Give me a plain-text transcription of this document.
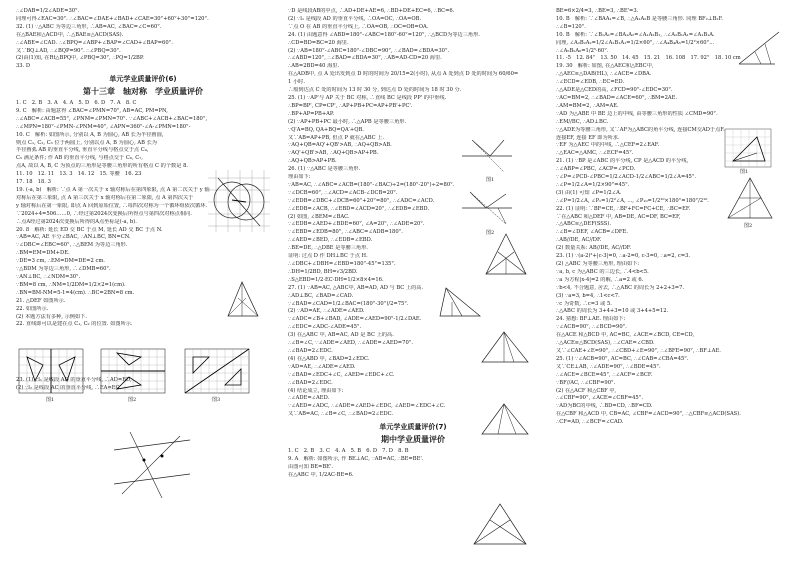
∴∠DAB=1/2∠ADE=30°.

同理可得∠EAC=30°. ∴∠BAC=∠DAE+∠BAD+∠CAE=30°+60°+30°=120°.

32. (1) ∵△ABC 为等边三角形, ∴AB=AC, ∠BAC=∠C=60°.

在△BAE和△ACD中, ∴△BAE≌△ACD(SAS).

∴∠ABE=∠CAD. ∴∠BPQ=∠ABP+∠BAP=∠CAD+∠BAP=60°.

又∵BQ⊥AD, ∴∠BQP=90°. ∴∠PBQ=30°.

(2)由(1)知, 在Rt△BPQ中, ∠PBQ=30°, ∴PQ=1/2BP.

33. D

单元学业质量评价(6)

第十三章　轴对称　学业质量评价

1. C　2. B　3. A　4. A　5. D　6. D　7. A　8. C

9. C　解析: 由题意得 ∠BAC=∠PMN=70°, AB=AC, PM=PN,

∴∠ABC=∠ACB=55°, ∠PNM=∠PMN=70°. ∵∠ABC+∠ACB+∠BAC=180°,

∴∠MPN=180°-∠PMN-∠PNM=40°, ∠APN=360°-∠A-∠PMN=180°-

10. C　解析: 如图所示, 分别以 A, B 为圆心, AB 长为半径画圆,

则点 C₁, C₂, C₃ 位于两圆上, 分别以点 A, B 为圆心, AB 长为

半径画弧 AB 的垂直平分线, 垂直平分线与格点交于点 C₄,

C₅ 满足条件; 作 AB 的垂直平分线, 与格点交于 C₆, C₇,

点A, 故以 A, B, C 为顶点的三角形是等腰三角形的所有格点 C 的个数是 8.

11. 10　12. 11　13. 3　14. 12　15. 等腰　16. 23

17. 18　18. 3

19. (-a, b)　解析: ∵点 A 第一次关于 x 轴对称后在第四象限, 点 A 第二次关于 y 轴

对称后在第三象限, 点 A 第三次关于 x 轴对称后在第二象限, 点 A 第四次关于

y 轴对称后在第一象限, 即点 A 回到原始位置, ∴每四次对称为一个循环组依次循环.

∵2024÷4=506……0, ∴经过第2024次变换后所得点与第四次对称点相同.

∴点A经过第2024次变换后所得的A点坐标是(-a, b).

20. 8　解析: 延长 ED 交 BC 于点 M, 延长 AD 交 BC 于点 N.

∵AB=AC, AE 平分∠BAC, ∴AN⊥BC, BN=CN.

∵∠DBC=∠EBC=60°, ∴△BEM 为等边三角形.

∴BM=EM=DM+DE.

∵DE=3 cm, ∴EM=DM=DE=2 cm.

∵△BDM 为等边三角形, ∴∠DMB=60°.

∵AN⊥BC, ∴∠NDM=30°.

∵BM=8 cm, ∴NM=1/2DM=1/2×2=1(cm).

∴BN=BM-NM=5-1=4(cm). ∴BC=2BN=8 cm.

21. △DEF 如图所示.

22. 如图所示.

(2) 本题方法有多种, 示例如下.

22. 直线即可以是建在点 C₁, C₂ 的位置. 如图所示.

23. (1) ∵l₁ 是线段 AD 的垂直平分线, ∴AD=BD,

(2) ∵l₂ 是线段 AC 的垂直平分线, ∴EA=EC.

∵D 是线段AB的中点, ∴AD+DE+AE=6, ∴BD+DE+EC=6, ∴BC=6.

(2) ∵l₁ 是线段 AD 的垂直平分线, ∴OA=OC, ∴OA=OB.

∵点 O 在 AB 的垂直平分线上, ∴OA=OB, ∴OC=OB=OA.

24. (1) 由题意得 ∠ABD=180°-∠ABC=180°-60°=120°, ∴△BCD为等边三角形.

∴CD=BD=BC=20 海里.

(2) ∵AB=180°-∠ABC=180°-∠DBC=90°, ∴∠BAD=∠BDA=30°.

∴∠ABD=120°, ∴∠BAD=∠BDA=30°, ∴AB=AD-CD=20 海里.

∴AB=2BD=40 海里.

在△ADB中, 点 A 处出发到点 D 时的时间为 20/15=2(小时), 从点 A 处到点 D 处的时间为 60/60=

1 小时.

∴船到达点 C 处的时间为 13 时 30 分, 到达点 D 处的时间为 18 时 30 分.

25. (1) ∵AP'与 AP 关于 BC 对称, ∴直线 BC 是线段 PP' 的中垂线.

∴BP=BP', CP=CP', ∴AP+PB+PC=AP+PB'+PC'.

∴BP+AP=PB+AP.

(2) ∵AP+PB+PC 最小时, ∴△APB 是等腰三角形.

∵Q′A=BQ, QA+BQ=QA′+QB.

又∵AB=AP+PB, 但点 P 就在△ABC 上.

∵AQ+QB=AQ'+QB'>AB, ∴AQ+QB>AB.

∵AQ'+QB'>AB, ∴AQ+QB>AP+PB.

∴AQ+QB>AP+PB.

26. (1) ∵△ABC 是等腰三角形.

理由如下:

∵AB=AC, ∴∠ABC=∠ACB=(180°-∠BAC)÷2=(180°-20°)÷2=80°.

∵∠DCB=60°, ∴∠ACD=∠ACB-∠DCB=20°.

∵∠EDB=∠DBC+∠DCB=60°+20°=80°, ∴∠ADC=∠ACD.

∴∠EDB=∠ACB, ∴∠EBD=∠ACD=20°, ∴∠EDB=∠EBD.

(2) 如图, ∠BEM=∠BAC.

∵∠EDB=∠AED+∠BDE=60°, ∠A=20°, ∴∠ADE=20°.

∵∠EBD=∠EDB=80°, ∴∠ABC=∠ADB=180°.

∴∠AED=∠BED, ∴∠EDB=∠EBD.

∴BE=DE, ∴△DBE 是等腰三角形.

证明: 过点 D 作 DH⊥BC 于点 H.

∴∠DBC+∠DBH=∠EBD=180°-45°=135°.

∴DH=1/2BD, BH=√3/2BD.

∴S△EBD=1/2·EC·DH=1/2×8×4=16.

27. (1) ∵AB=AC, △ABC中, AB=AD, AD 与 BC 上的高.

∴AD⊥BC, ∠BAD=∠CAD.

∵∠BAD=∠CAD=1/2∠BAC=(180°-30°)/2=75°.

(2) ∵AD=AE, ∴∠ADE=∠AED.

∵∠ADC=∠B+∠BAD, ∠ADE=∠AED=90°-1/2∠DAE.

∴∠EDC=∠ADC-∠ADE=45°.

(3) 在△ABC 中, AB=AC, AD 是 BC 上的高.

∴∠B=∠C, ∵∠ADE=∠AED, ∴∠ADE=∠AED=70°.

∴∠BAD=2∠EDC.

(4) 在△ABD 中, ∠BAD=2∠EDC.

∵AD=AE, ∴∠ADE=∠AED.

∵∠BAD=∠EDC+∠C, ∠AED=∠EDC+∠C.

∴∠BAD=2∠EDC.

(4) 结论成立, 理由如下:

∴∠ADE=∠AED.

∵∠AED=∠ADC, ∴∠ADE=∠AED+∠EDC, ∠AED=∠EDC+∠C.

又∵AB=AC, ∴∠B=∠C, ∴∠BAD=2∠EDC.

单元学业质量评价(7)

期中学业质量评价

1. C　2. B　3. C　4. A　5. B　6. D　7. D　8. B

9. A　解析: 如图所示, 作 BE⊥AC, ∵AB=AC, ∴BE=BE'.

由图可知 BE=BE'.

在△ABC 中, 1/2AC·BE=6.

BE=6×2/4=3, ∴BE=3, ∴BE'=3.

10. B　解析: ∵∠BAA₁=∠B, ∴△A₁A₂B 是等腰三角形. 同理 BF₂⊥B₂F.

∴∠B=120°.

10. B　解析: ∵∠B₁A₁=∠BA₁A₂=∠A₁A₂B₁, ∴∠A₂B₁A₁=∠A₁B₁A.

同理, ∠A₂B₂A₂=1/2∠A₁B₁A₁=1/2×60°, ∴∠A₄B₄A₅=1/2²×60°...

∴∠A₅B₅A₆=1/2⁵·60°.

11. -5　12. 84°　13. 50　14. 45　15. 21　16. 108　17. 92°　18. 10 cm

19. 30　解析: 如图, 在△AEC和△EBC中,

∴△AEC≌△DAB(HL), ∴∠ACE=∠DBA.

∴∠ECD=∠EDB, ∴EC=ED.

∴△ADE是△CED的高, ∠FCD=90°-∠EDC=30°.

∵AC=BM=2, ∴∠BAD=∠ACE=60°, ∴BM=2AE.

∴AM=BM=2, ∴AM=AE.

∵AD 为△ABE 中 BE 边上的中线, 由等腰三角形的性质 ∠CMD=90°.

∴EM//BC, ∴AD⊥BC.

∵△ADE为等腰三角形, 又∵AF为△ABC的角平分线, 连接CM交AD于点F.

连接EF, 连接 EF 即为所求.

∵EF 为△AEC 中的中线, ∴△CEF=2∠EAF.

∴△EAC=△AMC, ∴∠ECF=45°.

21. (1) ∵BP 是∠ABC 的平分线, CP 是△ACD 的平分线,

∴∠ABP=∠PBC, ∠ACP=∠PCD.

∵∠P=∠PCD-∠PBC=1/2∠ACD-1/2∠ABC=1/2∠A=45°.

∴∠P=1/2∠A=1/2×90°=45°.

(3) 由(1) 可知 ∠P=1/2∠A.

∴∠P=1/2∠A, ∠P₁=1/2²∠A, ..., ∠P₁₀=1/2¹⁰×180°=180°/2¹⁰.

22. (1) 证明: ∵BF=CE, ∴BF+FC=FC+CE, ∴BC=EF.

∵在△ABC 和△DEF 中, AB=DE, AC=DF, BC=EF,

∴△ABC≌△DEF(SSS).

∴∠B=∠DEF, ∠ACB=∠DFE.

∴AB//DE, AC//DF.

(2) 数量关系: AB//DE, AC//DF.

23. (1) ∵(a-2)²+|c-3|=0, ∴a-2=0, c-3=0, ∴a=2, c=3.

(2) △ABC 为等腰三角形, 理由如下:

∵a, b, c 为△ABC 的三边长, ∴4<b<5.

∵a 为方程|x-4|=2 的解, ∴a=2 或 6.

∵b<4, 不合题意, 舍去, ∴△ABC 的周长为 2+2+3=7.

(3) ∵a=3, b=4, ∴1<c<7.

∵c 为奇数, ∴c=3 或 5.

∴△ABC 的周长为 3+4+3=10 或 3+4+5=12.

24. 猜想: BF⊥AE. 理由如下:

∵∠ACB=90°, ∴∠BCD=90°.

在△ACE 和△BCD 中, AC=BC, ∠ACE=∠BCD, CE=CD,

∴△ACE≌△BCD(SAS), ∴∠CAE=∠CBD.

又∵∠CAE+∠E=90°, ∴∠CBD+∠E=90°, ∴∠BFE=90°, ∴BF⊥AE.

25. (1) ∵∠ACB=90°, AC=BC, ∴∠CAB=∠CBA=45°.

又∵CE⊥AB, ∴∠ADE=90°, ∴∠BDE=45°.

∴∠ACE=∠BCE=45°, ∴∠ACF=∠BCF.

∵BF//AC, ∴∠CBF=90°.

(2) 在△ACF 和△CBF 中,

∴∠CBF=90°, ∠ACE=∠CBF=45°.

∵AD为BC的中线, ∴BD=CD, ∴BF=CD.

在△CBF 和△ACD 中, CB=AC, ∠CBF=∠ACD=90°, ∴△CBF≌△ACD(SAS).

∴CF=AD, ∴∠BCF=∠CAD.

图1	图2	图3
图1
图2
图1
图2
